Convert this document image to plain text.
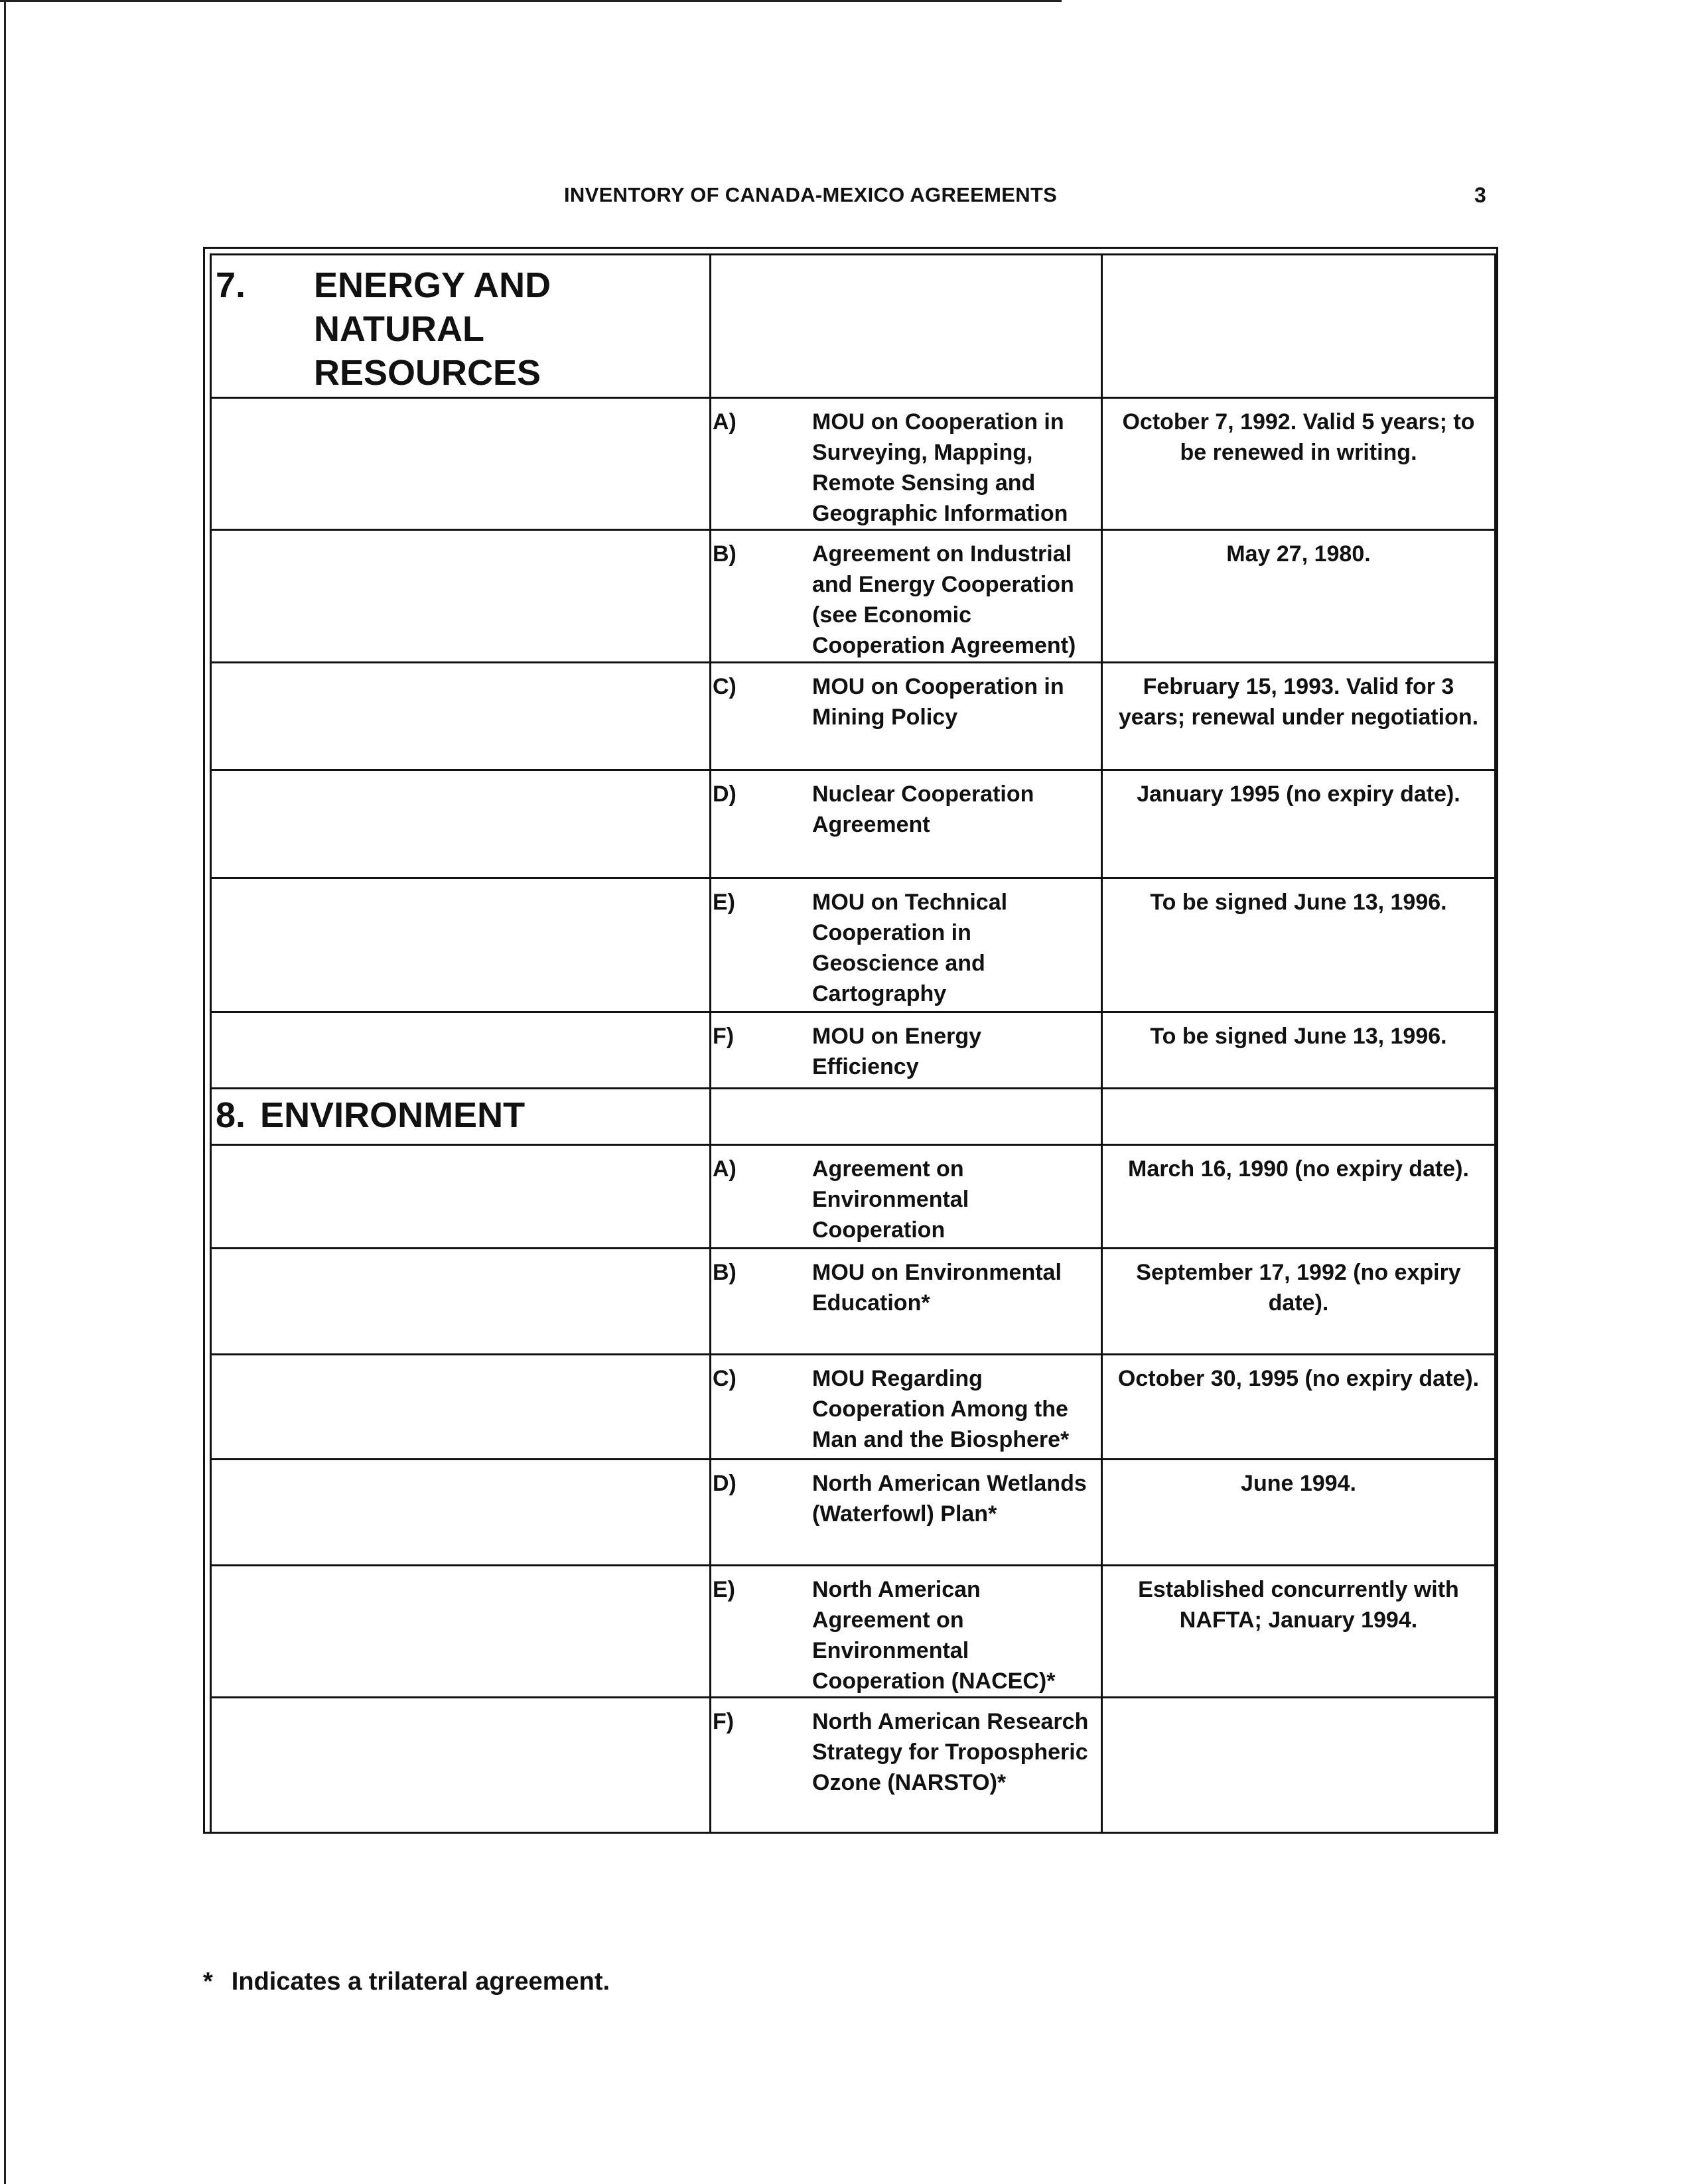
INVENTORY OF CANADA-MEXICO AGREEMENTS	3
7. ENERGY AND NATURAL RESOURCES		

	A) MOU on Cooperation in Surveying, Mapping, Remote Sensing and Geographic Information	October 7, 1992. Valid 5 years; to be renewed in writing.

	B) Agreement on Industrial and Energy Cooperation (see Economic Cooperation Agreement)	May 27, 1980.

	C) MOU on Cooperation in Mining Policy	February 15, 1993. Valid for 3 years; renewal under negotiation.

	D) Nuclear Cooperation Agreement	January 1995 (no expiry date).

	E) MOU on Technical Cooperation in Geoscience and Cartography	To be signed June 13, 1996.

	F) MOU on Energy Efficiency	To be signed June 13, 1996.

8. ENVIRONMENT		

	A) Agreement on Environmental Cooperation	March 16, 1990 (no expiry date).

	B) MOU on Environmental Education*	September 17, 1992 (no expiry date).

	C) MOU Regarding Cooperation Among the Man and the Biosphere*	October 30, 1995 (no expiry date).

	D) North American Wetlands (Waterfowl) Plan*	June 1994.

	E) North American Agreement on Environmental Cooperation (NACEC)*	Established concurrently with NAFTA; January 1994.

	F) North American Research Strategy for Tropospheric Ozone (NARSTO)*	

* Indicates a trilateral agreement.
